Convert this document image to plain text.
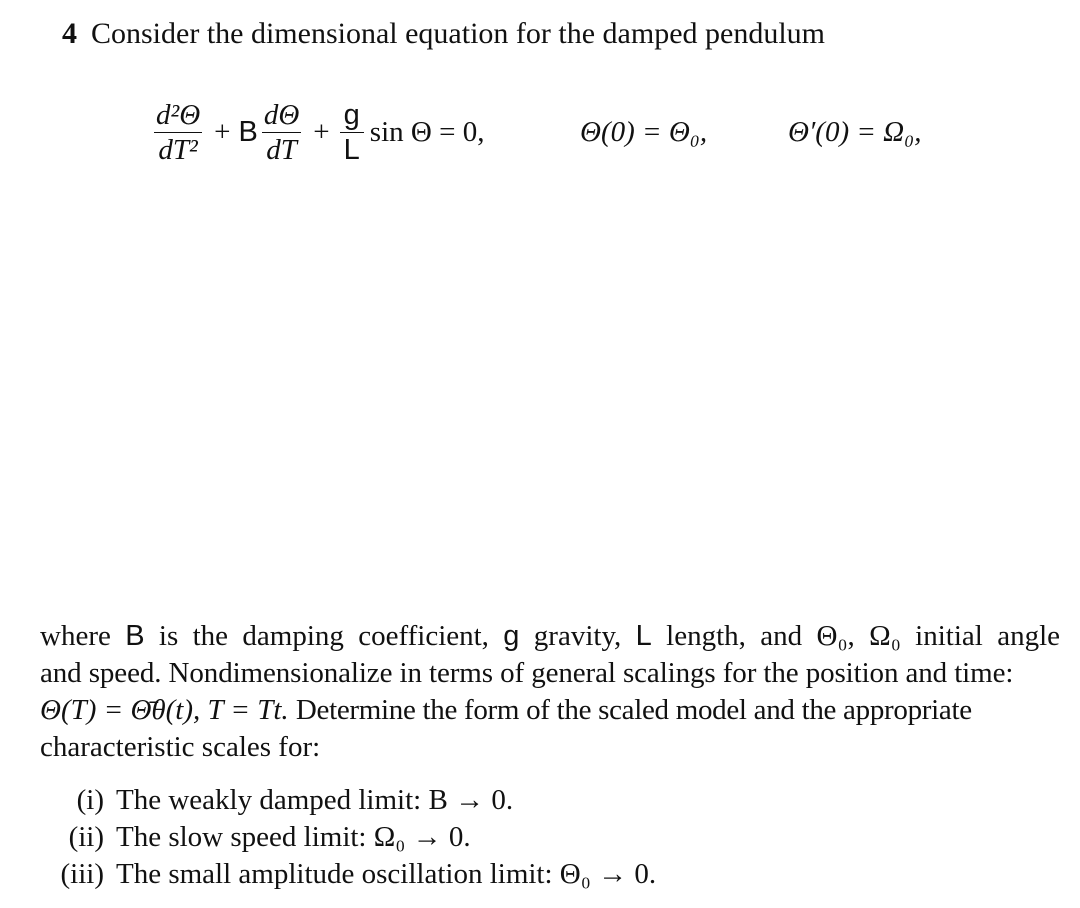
4 Consider the dimensional equation for the damped pendulum
$\frac{\text{d²Θ}}{\text{dT²}} + B \frac{d\Theta}{dT} + \frac{g}{L}$ sin Θ = 0,	Θ(0) = Θ₀,	Θ′(0) = Ω₀,
where B is the damping coefficient, g gravity, L length, and Θ₀, Ω₀ initial angle
and speed. Nondimensionalize in terms of general scalings for the position and time:
Θ(T) = Θ̄θ(t), T = Tt. Determine the form of the scaled model and the appropriate
characteristic scales for:
(i) The weakly damped limit: B → 0.
(ii) The slow speed limit: Ω₀ → 0.
(iii) The small amplitude oscillation limit: Θ₀ → 0.
